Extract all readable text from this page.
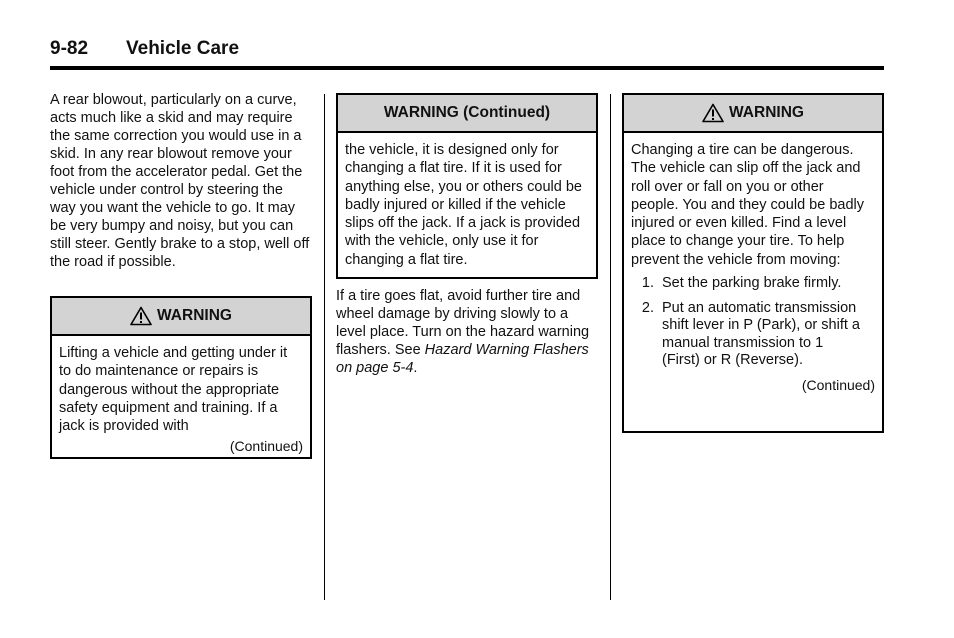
9-82 Vehicle Care

A rear blowout, particularly on a curve, acts much like a skid and may require the same correction you would use in a skid. In any rear blowout remove your foot from the accelerator pedal. Get the vehicle under control by steering the way you want the vehicle to go. It may be very bumpy and noisy, but you can still steer. Gently brake to a stop, well off the road if possible.

WARNING
Lifting a vehicle and getting under it to do maintenance or repairs is dangerous without the appropriate safety equipment and training. If a jack is provided with
(Continued)
WARNING (Continued)
the vehicle, it is designed only for changing a flat tire. If it is used for anything else, you or others could be badly injured or killed if the vehicle slips off the jack. If a jack is provided with the vehicle, only use it for changing a flat tire.

If a tire goes flat, avoid further tire and wheel damage by driving slowly to a level place. Turn on the hazard warning flashers. See Hazard Warning Flashers on page 5-4.

WARNING
Changing a tire can be dangerous. The vehicle can slip off the jack and roll over or fall on you or other people. You and they could be badly injured or even killed. Find a level place to change your tire. To help prevent the vehicle from moving:
1. Set the parking brake firmly.
2. Put an automatic transmission shift lever in P (Park), or shift a manual transmission to 1 (First) or R (Reverse).
(Continued)
